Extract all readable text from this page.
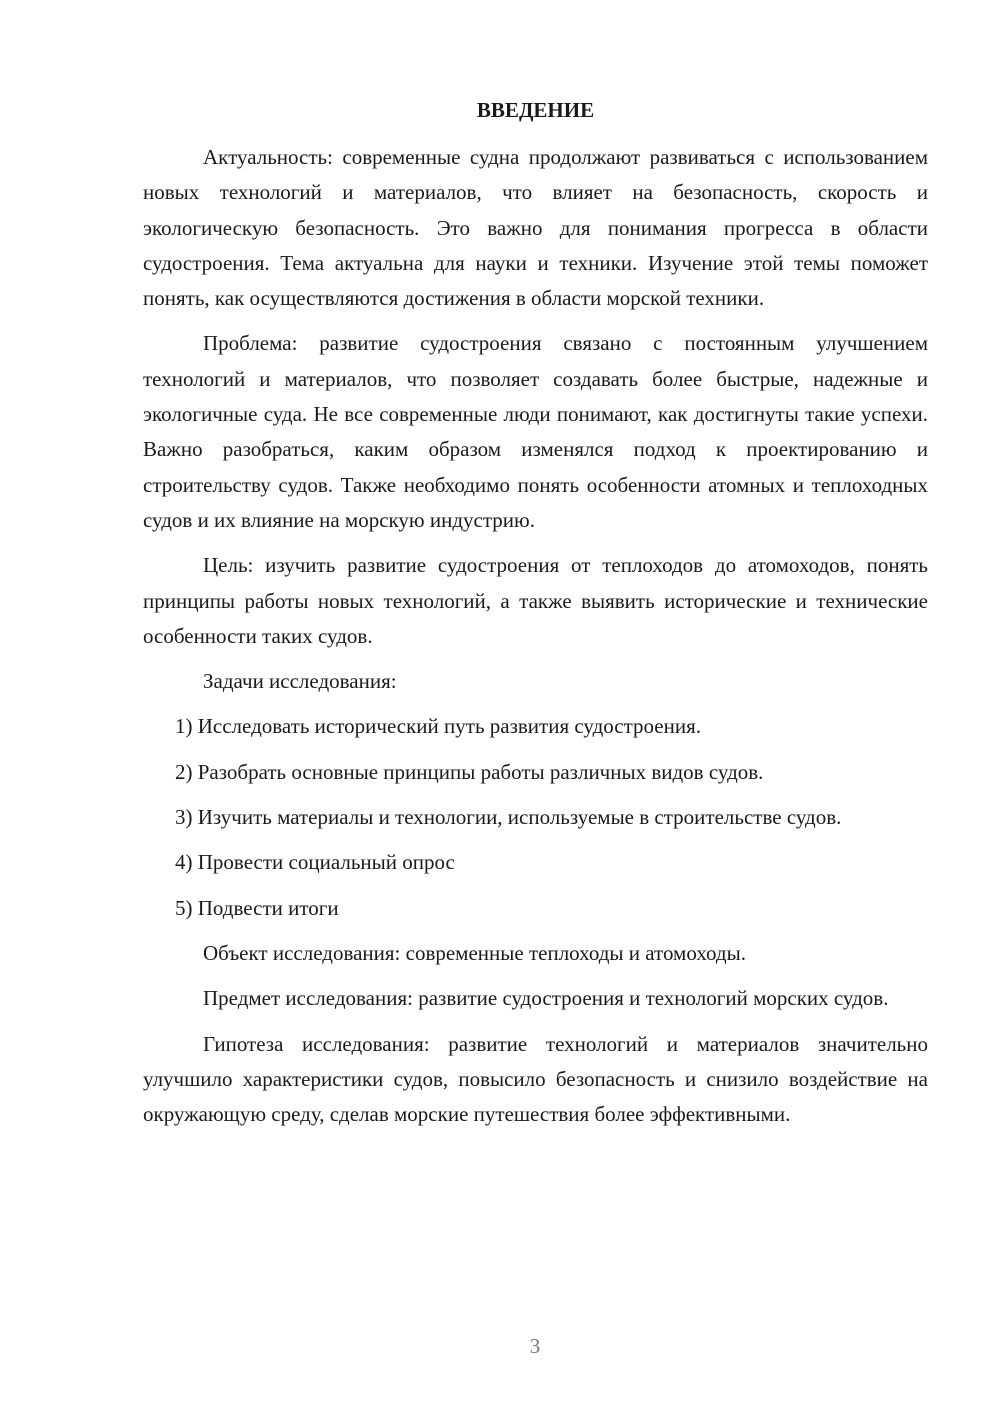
ВВЕДЕНИЕ

Актуальность: современные судна продолжают развиваться с использованием новых технологий и материалов, что влияет на безопасность, скорость и экологическую безопасность. Это важно для понимания прогресса в области судостроения. Тема актуальна для науки и техники. Изучение этой темы поможет понять, как осуществляются достижения в области морской техники.

Проблема: развитие судостроения связано с постоянным улучшением технологий и материалов, что позволяет создавать более быстрые, надежные и экологичные суда. Не все современные люди понимают, как достигнуты такие успехи. Важно разобраться, каким образом изменялся подход к проектированию и строительству судов. Также необходимо понять особенности атомных и теплоходных судов и их влияние на морскую индустрию.

Цель: изучить развитие судостроения от теплоходов до атомоходов, понять принципы работы новых технологий, а также выявить исторические и технические особенности таких судов.

Задачи исследования:

1) Исследовать исторический путь развития судостроения.

2) Разобрать основные принципы работы различных видов судов.

3) Изучить материалы и технологии, используемые в строительстве судов.

4) Провести социальный опрос

5) Подвести итоги

Объект исследования: современные теплоходы и атомоходы.

Предмет исследования: развитие судостроения и технологий морских судов.

Гипотеза исследования: развитие технологий и материалов значительно улучшило характеристики судов, повысило безопасность и снизило воздействие на окружающую среду, сделав морские путешествия более эффективными.

3
